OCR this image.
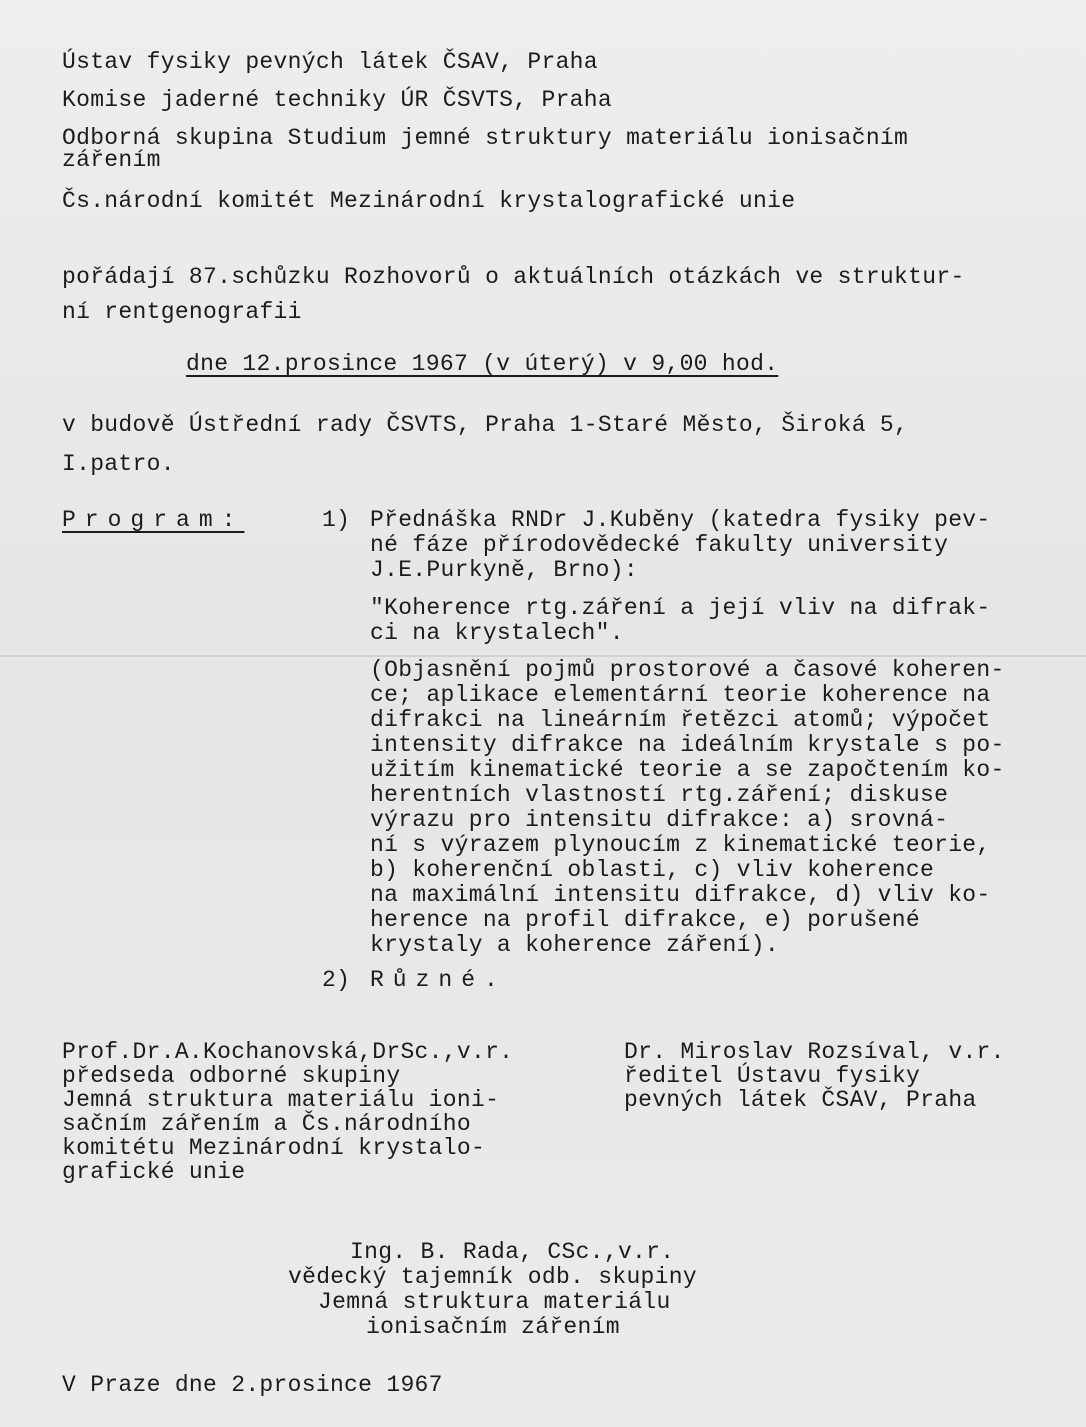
Ústav fysiky pevných látek ČSAV, Praha
Komise jaderné techniky ÚR ČSVTS, Praha
Odborná skupina Studium jemné struktury materiálu ionisačním
zářením
Čs.národní komitét Mezinárodní krystalografické unie
pořádají 87.schůzku Rozhovorů o aktuálních otázkách ve struktur-
ní rentgenografii
dne 12.prosince 1967 (v úterý) v 9,00 hod.
v budově Ústřední rady ČSVTS, Praha 1-Staré Město, Široká 5,
I.patro.
Program:	1) Přednáška RNDr J.Kuběny (katedra fysiky pev-
né fáze přírodovědecké fakulty university
J.E.Purkyně, Brno):
"Koherence rtg.záření a její vliv na difrak-
ci na krystalech".
(Objasnění pojmů prostorové a časové koheren-
ce; aplikace elementární teorie koherence na
difrakci na lineárním řetězci atomů; výpočet
intensity difrakce na ideálním krystale s po-
užitím kinematické teorie a se započtením ko-
herentních vlastností rtg.záření; diskuse
výrazu pro intensitu difrakce: a) srovná-
ní s výrazem plynoucím z kinematické teorie,
b) koherenční oblasti, c) vliv koherence
na maximální intensitu difrakce, d) vliv ko-
herence na profil difrakce, e) porušené
krystaly a koherence záření).
2) Různé.
Prof.Dr.A.Kochanovská,DrSc.,v.r.
předseda odborné skupiny
Jemná struktura materiálu ioni-
sačním zářením a Čs.národního
komitétu Mezinárodní krystalo-
grafické unie
Dr. Miroslav Rozsíval, v.r.
ředitel Ústavu fysiky
pevných látek ČSAV, Praha
Ing. B. Rada, CSc.,v.r.
vědecký tajemník odb. skupiny
Jemná struktura materiálu
ionisačním zářením
V Praze dne 2.prosince 1967
